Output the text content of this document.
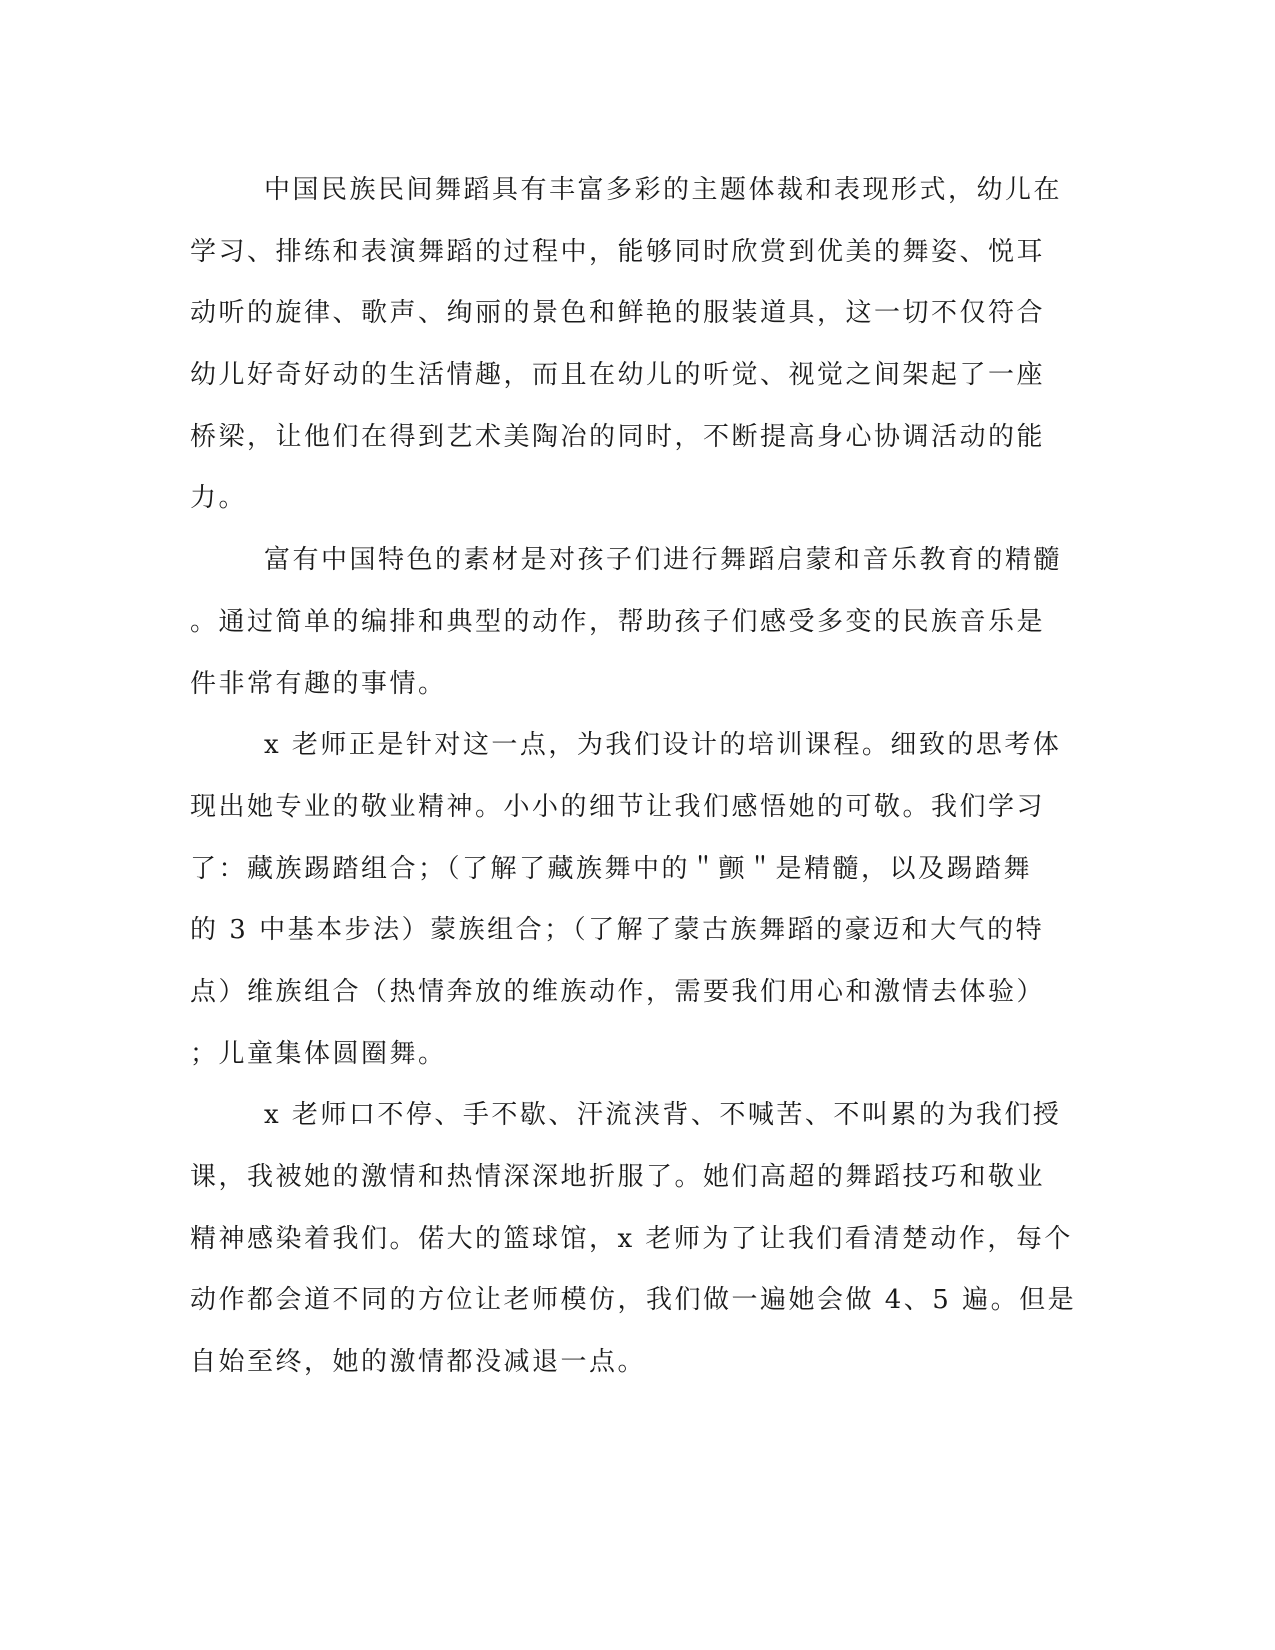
中国民族民间舞蹈具有丰富多彩的主题体裁和表现形式，幼儿在
学习、排练和表演舞蹈的过程中，能够同时欣赏到优美的舞姿、悦耳
动听的旋律、歌声、绚丽的景色和鲜艳的服装道具，这一切不仅符合
幼儿好奇好动的生活情趣，而且在幼儿的听觉、视觉之间架起了一座
桥梁，让他们在得到艺术美陶冶的同时，不断提高身心协调活动的能
力。
富有中国特色的素材是对孩子们进行舞蹈启蒙和音乐教育的精髓
。通过简单的编排和典型的动作，帮助孩子们感受多变的民族音乐是
件非常有趣的事情。
x 老师正是针对这一点，为我们设计的培训课程。细致的思考体
现出她专业的敬业精神。小小的细节让我们感悟她的可敬。我们学习
了：藏族踢踏组合；（了解了藏族舞中的＂颤＂是精髓，以及踢踏舞
的 3 中基本步法）蒙族组合；（了解了蒙古族舞蹈的豪迈和大气的特
点）维族组合（热情奔放的维族动作，需要我们用心和激情去体验）
；儿童集体圆圈舞。
x 老师口不停、手不歇、汗流浃背、不喊苦、不叫累的为我们授
课，我被她的激情和热情深深地折服了。她们高超的舞蹈技巧和敬业
精神感染着我们。偌大的篮球馆，x 老师为了让我们看清楚动作，每个
动作都会道不同的方位让老师模仿，我们做一遍她会做 4、5 遍。但是
自始至终，她的激情都没减退一点。
